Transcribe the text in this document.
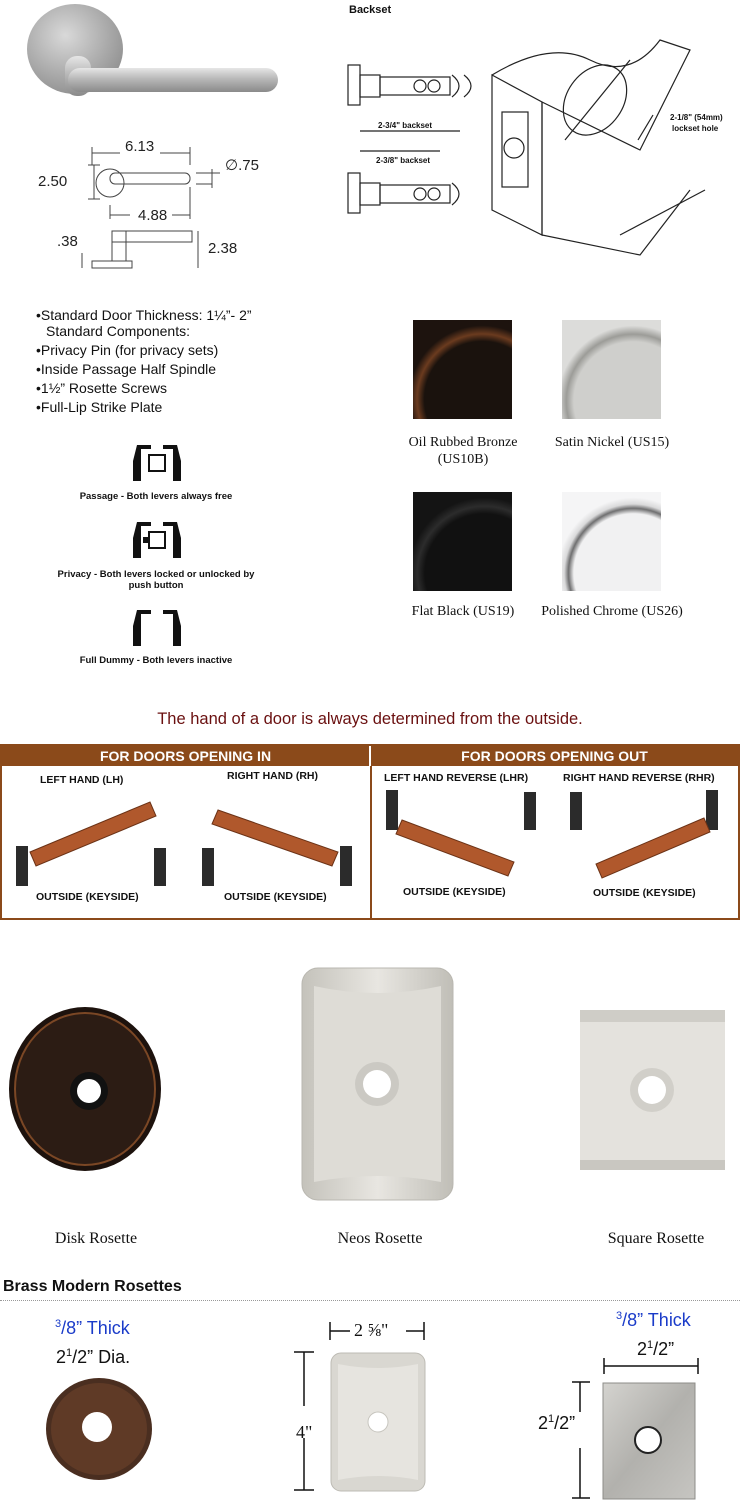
6.13
2.50
∅.75
4.88
.38	2.38
Backset
2-3/4" backset
2-3/8" backset
2-1/8" (54mm)
lockset hole
• Standard Door Thickness: 1¼”- 2”
Standard Components:
• Privacy Pin (for privacy sets)
• Inside Passage Half Spindle
• 1½” Rosette Screws
• Full-Lip Strike Plate
Passage - Both levers always free
Privacy - Both levers locked or unlocked by push button
Full Dummy - Both levers inactive
Oil Rubbed Bronze (US10B)
Satin Nickel (US15)
Flat Black (US19)	Polished Chrome (US26)
The hand of a door is always determined from the outside.
FOR DOORS OPENING IN	FOR DOORS OPENING OUT
LEFT HAND (LH)	RIGHT HAND (RH)	LEFT HAND REVERSE (LHR)	RIGHT HAND REVERSE (RHR)
OUTSIDE (KEYSIDE)	OUTSIDE (KEYSIDE)	OUTSIDE (KEYSIDE)	OUTSIDE (KEYSIDE)
Disk Rosette	Neos Rosette	Square Rosette
Brass Modern Rosettes
$^3$/8” Thick
$2^1/2$” Dia.
2 ⅝"
4"
$^3$/8” Thick
$2^1/2$”
$2^1/2$”
